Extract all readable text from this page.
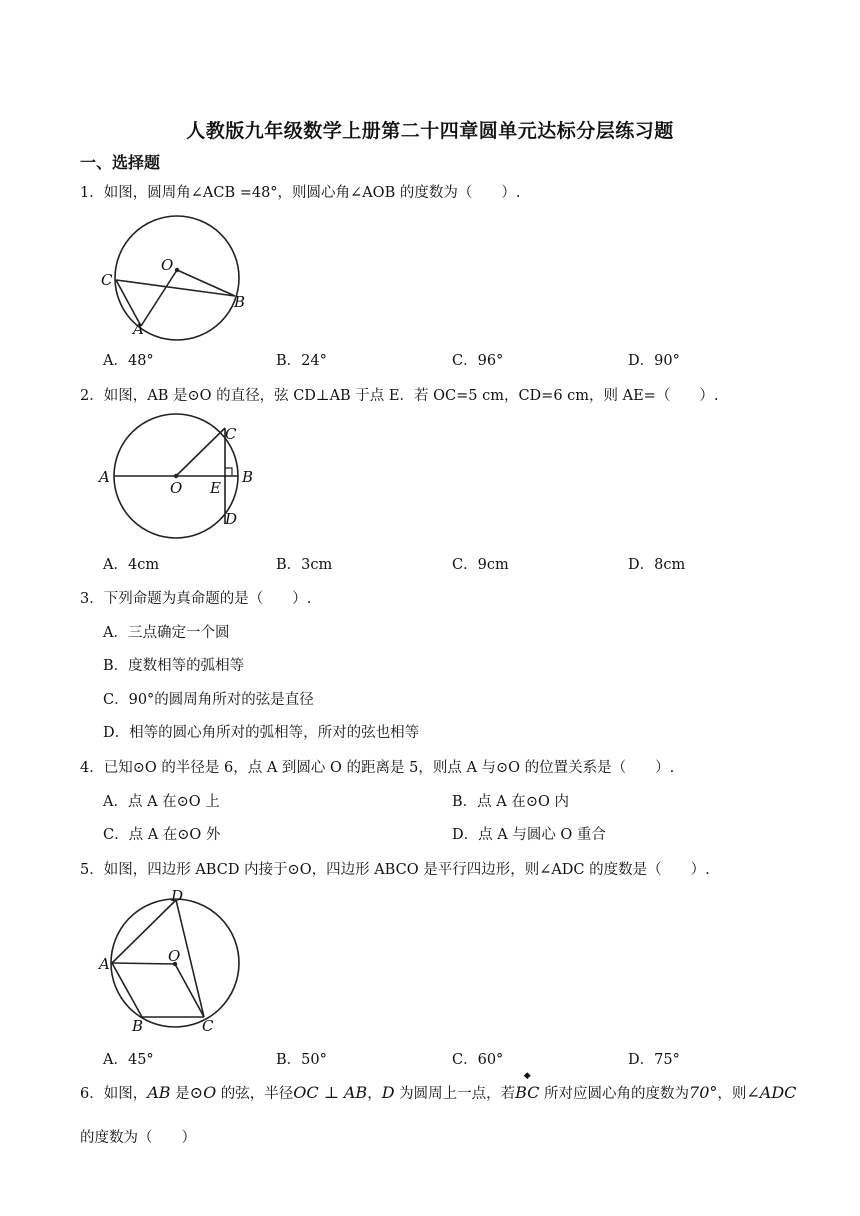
人教版九年级数学上册第二十四章圆单元达标分层练习题
一、选择题
1．如图，圆周角∠ACB =48°，则圆心角∠AOB 的度数为（　　）.
O
C
B
A
A．48°	B．24°	C．96°	D．90°
2．如图，AB 是⊙O 的直径，弦 CD⊥AB 于点 E．若 OC=5 cm，CD=6 cm，则 AE=（　　）.
A
O E
B
C
D
A．4cm	B．3cm	C．9cm	D．8cm
3．下列命题为真命题的是（　　）.
A．三点确定一个圆
B．度数相等的弧相等
C．90°的圆周角所对的弦是直径
D．相等的圆心角所对的弧相等，所对的弦也相等
4．已知⊙O 的半径是 6，点 A 到圆心 O 的距离是 5，则点 A 与⊙O 的位置关系是（　　）.
A．点 A 在⊙O 上	B．点 A 在⊙O 内
C．点 A 在⊙O 外	D．点 A 与圆心 O 重合
5．如图，四边形 ABCD 内接于⊙O，四边形 ABCO 是平行四边形，则∠ADC 的度数是（　　）.
D
O
A
B	C
A．45°	B．50°	C．60°	D．75°
6．如图，AB 是⊙O 的弦，半径OC ⊥ AB，D 为圆周上一点，若
◆
BC 所对应圆心角的度数为70°，则∠ADC
的度数为（　　）
